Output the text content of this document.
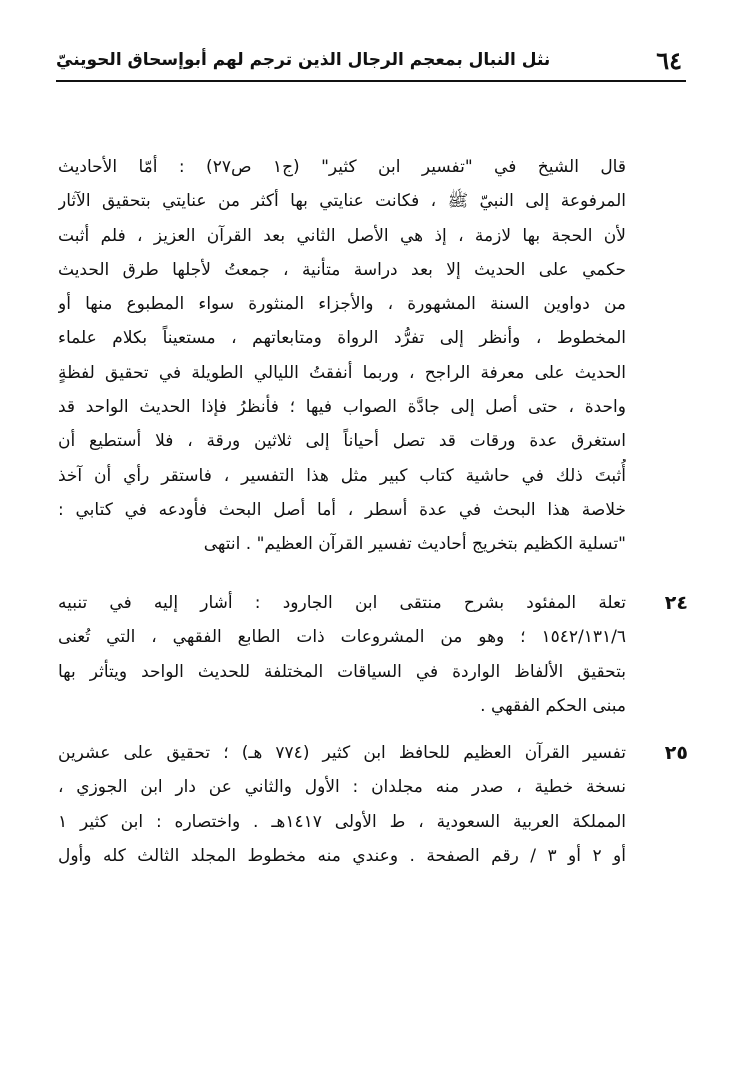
٦٤
نثل النبال بمعجم الرجال الذين ترجم لهم أبوإسحاق الحوينيّ
قال الشيخ في "تفسير ابن كثير" (ج١ ص٢٧) : أمّا الأحاديث
المرفوعة إلى النبيّ ﷺ ، فكانت عنايتي بها أكثر من عنايتي بتحقيق الآثار
لأن الحجة بها لازمة ، إذ هي الأصل الثاني بعد القرآن العزيز ، فلم أثبت
حكمي على الحديث إلا بعد دراسة متأنية ، جمعتُ لأجلها طرق الحديث
من دواوين السنة المشهورة ، والأجزاء المنثورة سواء المطبوع منها أو
المخطوط ، وأنظر إلى تفرُّد الرواة ومتابعاتهم ، مستعيناً بكلام علماء
الحديث على معرفة الراجح ، وربما أنفقتُ الليالي الطويلة في تحقيق لفظةٍ
واحدة ، حتى أصل إلى جادَّة الصواب فيها ؛ فأنظرُ فإذا الحديث الواحد قد
استغرق عدة ورقات قد تصل أحياناً إلى ثلاثين ورقة ، فلا أستطيع أن
أُثبتَ ذلك في حاشية كتاب كبير مثل هذا التفسير ، فاستقر رأي أن آخذ
خلاصة هذا البحث في عدة أسطر ، أما أصل البحث فأودعه في كتابي :
"تسلية الكظيم بتخريج أحاديث تفسير القرآن العظيم" . انتهى
٢٤
تعلة المفئود بشرح منتقى ابن الجارود : أشار إليه في تنبيه
١٥٤٢/١٣١/٦ ؛ وهو من المشروعات ذات الطابع الفقهي ، التي تُعنى
بتحقيق الألفاظ الواردة في السياقات المختلفة للحديث الواحد ويتأثر بها
مبنى الحكم الفقهي .
٢٥
تفسير القرآن العظيم للحافظ ابن كثير (٧٧٤ هـ) ؛ تحقيق على عشرين
نسخة خطية ، صدر منه مجلدان : الأول والثاني عن دار ابن الجوزي ،
المملكة العربية السعودية ، ط الأولى ١٤١٧هـ . واختصاره : ابن كثير ١
أو ٢ أو ٣ / رقم الصفحة . وعندي منه مخطوط المجلد الثالث كله وأول
